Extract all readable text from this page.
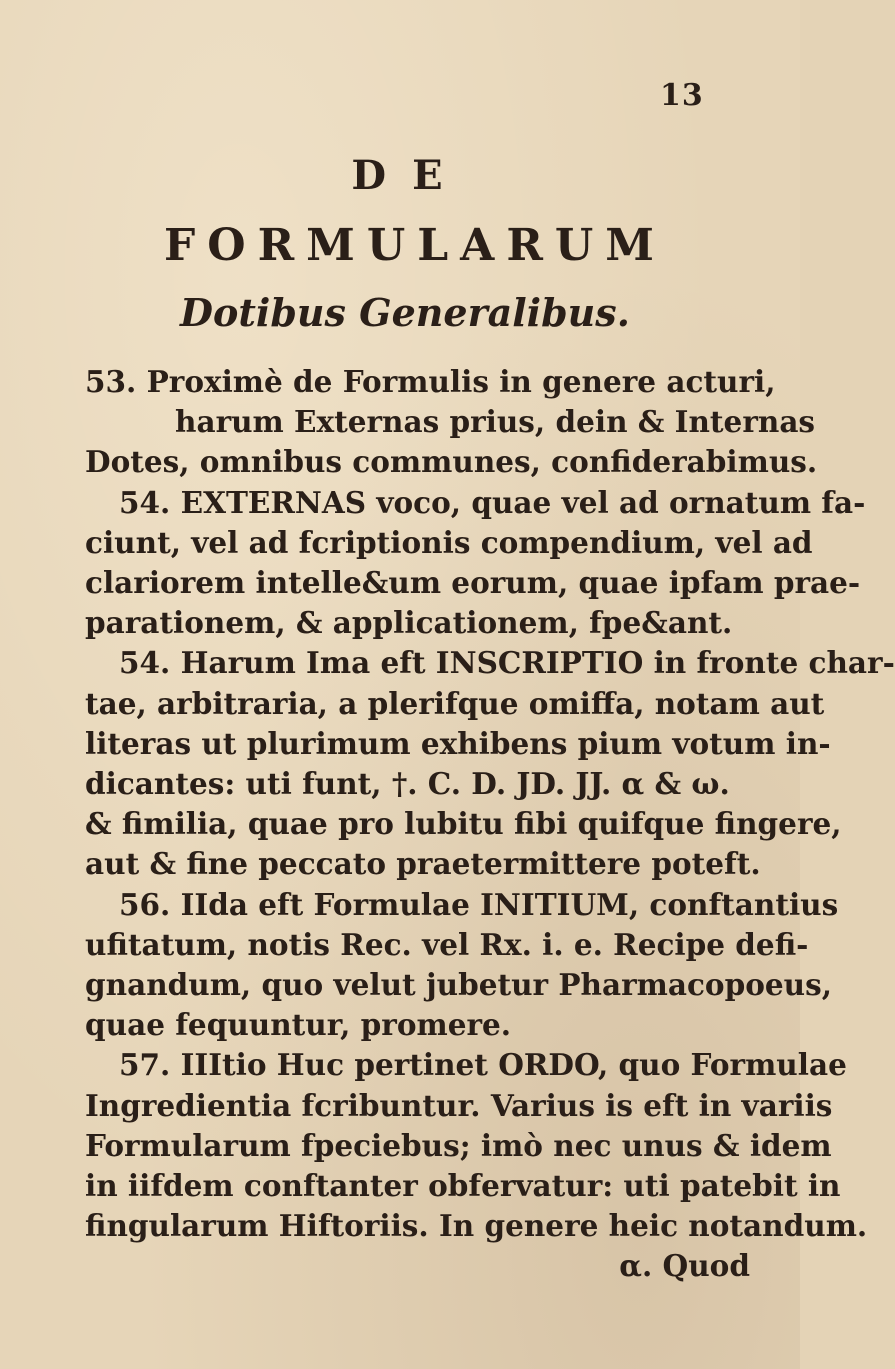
13
DE
FORMULARUM
Dotibus Generalibus.
53. Proximè de Formulis in genere acturi,
harum Externas prius, dein & Internas
Dotes, omnibus communes, confiderabimus.
54. EXTERNAS voco, quae vel ad ornatum fa-
ciunt, vel ad fcriptionis compendium, vel ad
clariorem intelle&um eorum, quae ipfam prae-
parationem, & applicationem, fpe&ant.
54. Harum Ima eft INSCRIPTIO in fronte char-
tae, arbitraria, a plerifque omiffa, notam aut
literas ut plurimum exhibens pium votum in-
dicantes: uti funt, †. C. D. JD. JJ. α & ω.
& fimilia, quae pro lubitu fibi quifque fingere,
aut & fine peccato praetermittere poteft.
56. IIda eft Formulae INITIUM, conftantius
ufitatum, notis Rec. vel Rx. i. e. Recipe defi-
gnandum, quo velut jubetur Pharmacopoeus,
quae fequuntur, promere.
57. IIItio Huc pertinet ORDO, quo Formulae
Ingredientia fcribuntur. Varius is eft in variis
Formularum fpeciebus; imò nec unus & idem
in iifdem conftanter obfervatur: uti patebit in
fingularum Hiftoriis. In genere heic notandum.
α. Quod
